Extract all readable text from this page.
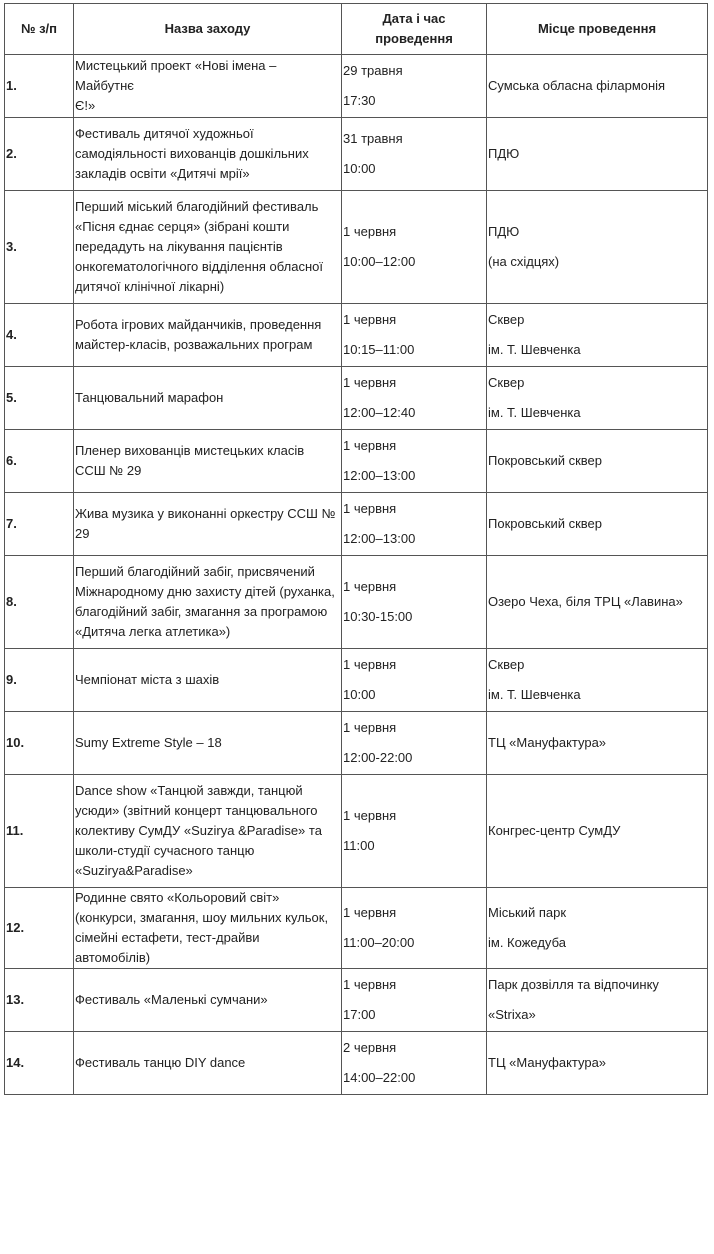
№ з/п	Назва заходу	Дата і час
проведення	Місце проведення
1.	Мистецький проект «Нові імена – Майбутнє
Є!»	29 травня
17:30	Сумська обласна філармонія

2.	Фестиваль дитячої художньої
самодіяльності вихованців дошкільних
закладів освіти «Дитячі мрії»	31 травня
10:00	ПДЮ

3.	Перший міський благодійний фестиваль
«Пісня єднає серця» (зібрані кошти
передадуть на лікування пацієнтів
онкогематологічного відділення обласної
дитячої клінічної лікарні)	1 червня
10:00–12:00	ПДЮ
(на східцях)

4.	Робота ігрових майданчиків, проведення
майстер-класів, розважальних програм	1 червня
10:15–11:00	Сквер
ім. Т. Шевченка

5.	Танцювальний марафон	1 червня
12:00–12:40	Сквер
ім. Т. Шевченка

6.	Пленер вихованців мистецьких класів
ССШ № 29	1 червня
12:00–13:00	Покровський сквер

7.	Жива музика у виконанні оркестру ССШ №
29	1 червня
12:00–13:00	Покровський сквер

8.	Перший благодійний забіг, присвячений
Міжнародному дню захисту дітей (руханка,
благодійний забіг, змагання за програмою
«Дитяча легка атлетика»)	1 червня
10:30-15:00	Озеро Чеха, біля ТРЦ «Лавина»

9.	Чемпіонат міста з шахів	1 червня
10:00	Сквер
ім. Т. Шевченка

10.	Sumy Extreme Style – 18	1 червня
12:00-22:00	ТЦ «Мануфактура»

11.	Dance show «Танцюй завжди, танцюй
усюди» (звітний концерт танцювального
колективу СумДУ «Suzirya &Paradise» та
школи-студії сучасного танцю
«Suzirya&Paradise»	1 червня
11:00	Конгрес-центр СумДУ

12.	Родинне свято «Кольоровий світ»
(конкурси, змагання, шоу мильних кульок,
сімейні естафети, тест-драйви автомобілів)	1 червня
11:00–20:00	Міський парк
ім. Кожедуба

13.	Фестиваль «Маленькі сумчани»	1 червня
17:00	Парк дозвілля та відпочинку
«Strixa»

14.	Фестиваль танцю DIY dance	2 червня
14:00–22:00	ТЦ «Мануфактура»
